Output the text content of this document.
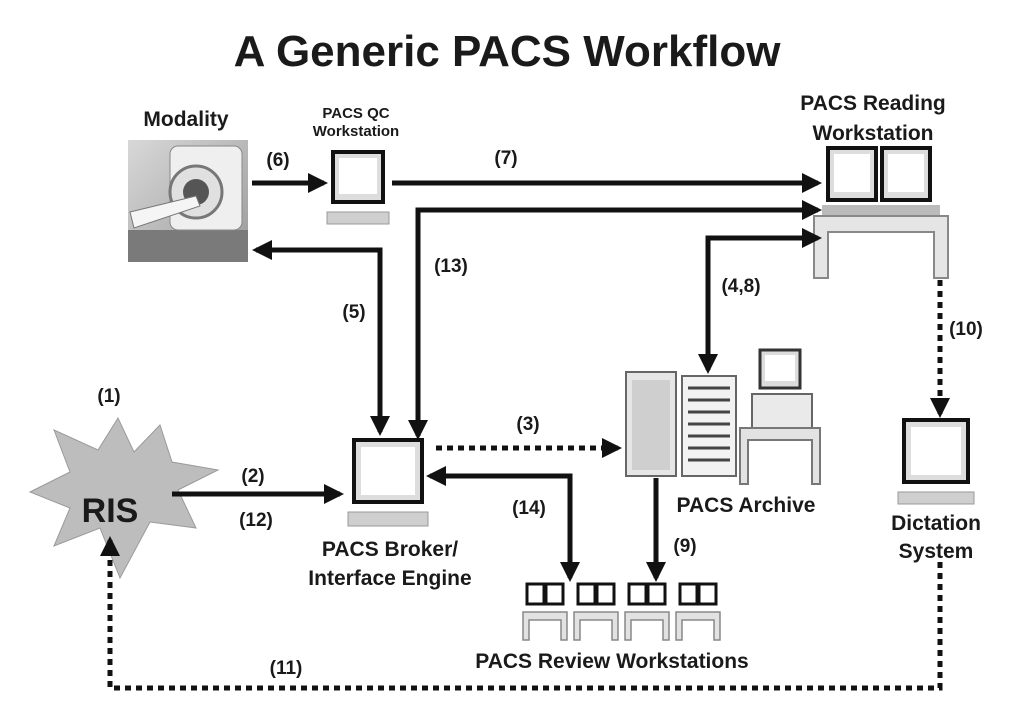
A Generic PACS Workflow
Modality	PACS QC
Workstation
PACS Reading
Workstation
RIS
PACS Broker/
Interface Engine
PACS Archive
Dictation
System
PACS Review Workstations
(6)	(7)
(13)
(5)
(4,8)
(10)
(1)
(3)
(2)
(12)
(14)
(9)
(11)
